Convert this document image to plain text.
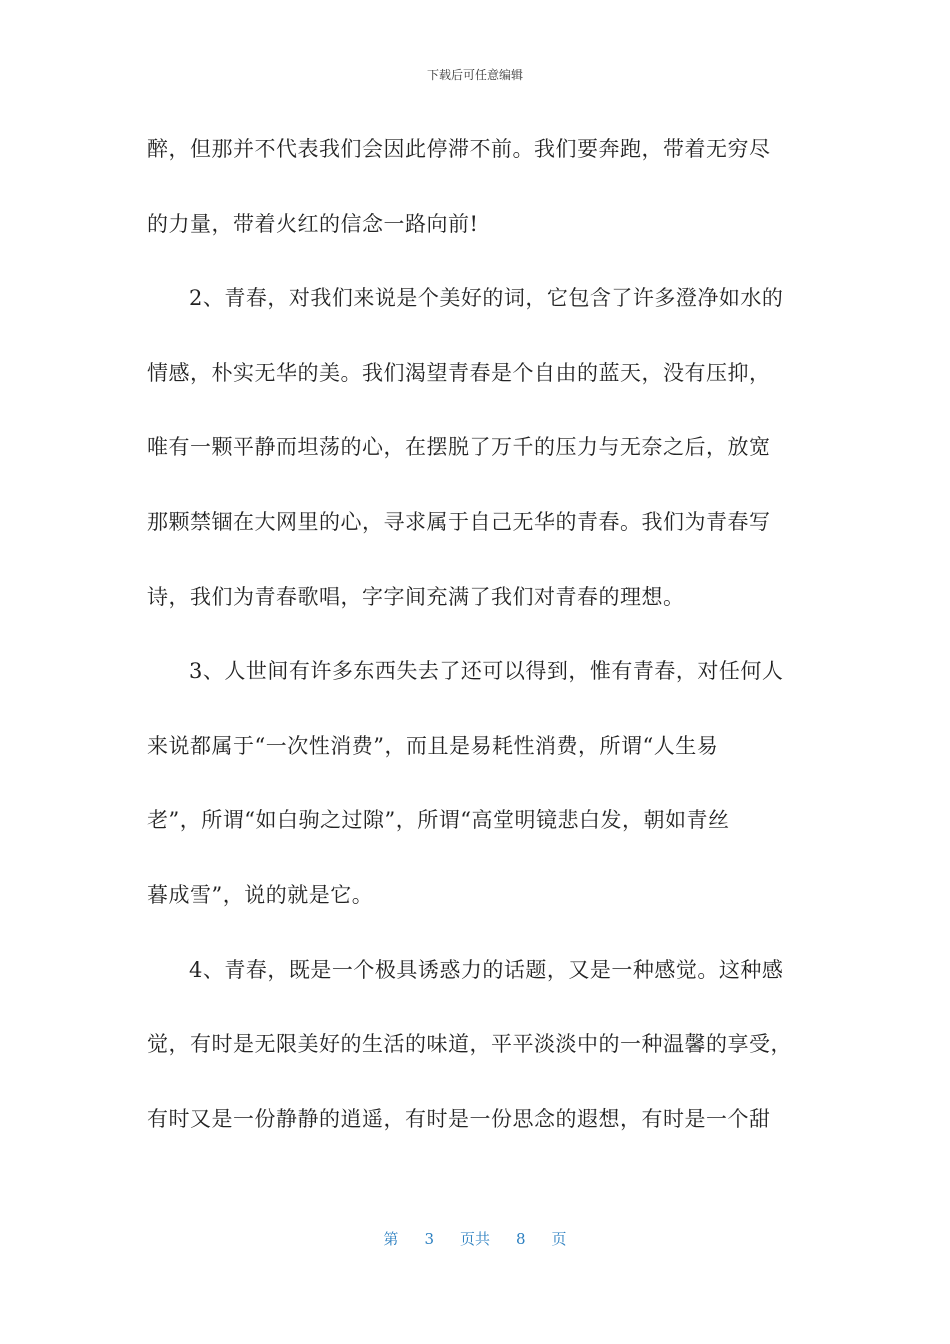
下载后可任意编辑
醉，但那并不代表我们会因此停滞不前。我们要奔跑，带着无穷尽
的力量，带着火红的信念一路向前!
2、青春，对我们来说是个美好的词，它包含了许多澄净如水的
情感，朴实无华的美。我们渴望青春是个自由的蓝天，没有压抑，
唯有一颗平静而坦荡的心，在摆脱了万千的压力与无奈之后，放宽
那颗禁锢在大网里的心，寻求属于自己无华的青春。我们为青春写
诗，我们为青春歌唱，字字间充满了我们对青春的理想。
3、人世间有许多东西失去了还可以得到，惟有青春，对任何人
来说都属于“一次性消费”，而且是易耗性消费，所谓“人生易
老”，所谓“如白驹之过隙”，所谓“高堂明镜悲白发，朝如青丝
暮成雪”，说的就是它。
4、青春，既是一个极具诱惑力的话题，又是一种感觉。这种感
觉，有时是无限美好的生活的味道，平平淡淡中的一种温馨的享受，
有时又是一份静静的逍遥，有时是一份思念的遐想，有时是一个甜
第 3 页共 8 页
